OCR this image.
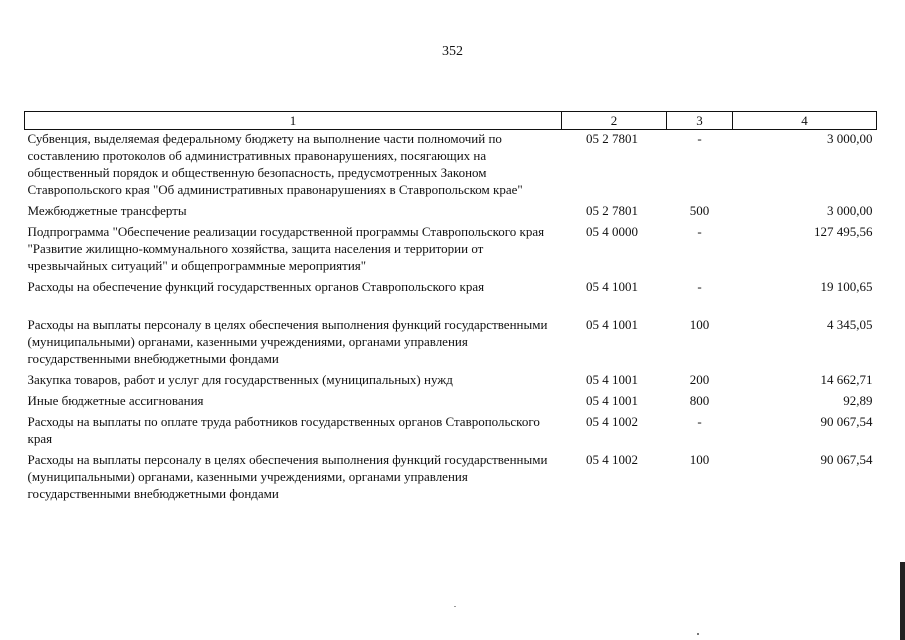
352
1	2	3	4
Субвенция, выделяемая федеральному бюджету на выполнение части полномочий по составлению протоколов об административных правонарушениях, посягающих на общественный порядок и общественную безопасность, предусмотренных Законом Ставропольского края "Об административных правонарушениях в Ставропольском крае"	05 2 7801	-	3 000,00
Межбюджетные трансферты	05 2 7801	500	3 000,00
Подпрограмма "Обеспечение реализации государственной программы Ставропольского края "Развитие жилищно-коммунального хозяйства, защита населения и территории от чрезвычайных ситуаций" и общепрограммные мероприятия"	05 4 0000	-	127 495,56
Расходы на обеспечение функций государственных органов Ставропольского края	05 4 1001	-	19 100,65
Расходы на выплаты персоналу в целях обеспечения выполнения функций государственными (муниципальными) органами, казенными учреждениями, органами управления государственными внебюджетными фондами	05 4 1001	100	4 345,05
Закупка товаров, работ и услуг для государственных (муниципальных) нужд	05 4 1001	200	14 662,71
Иные бюджетные ассигнования	05 4 1001	800	92,89
Расходы на выплаты по оплате труда работников государственных органов Ставропольского края	05 4 1002	-	90 067,54
Расходы на выплаты персоналу в целях обеспечения выполнения функций государственными (муниципальными) органами, казенными учреждениями, органами управления государственными внебюджетными фондами	05 4 1002	100	90 067,54
